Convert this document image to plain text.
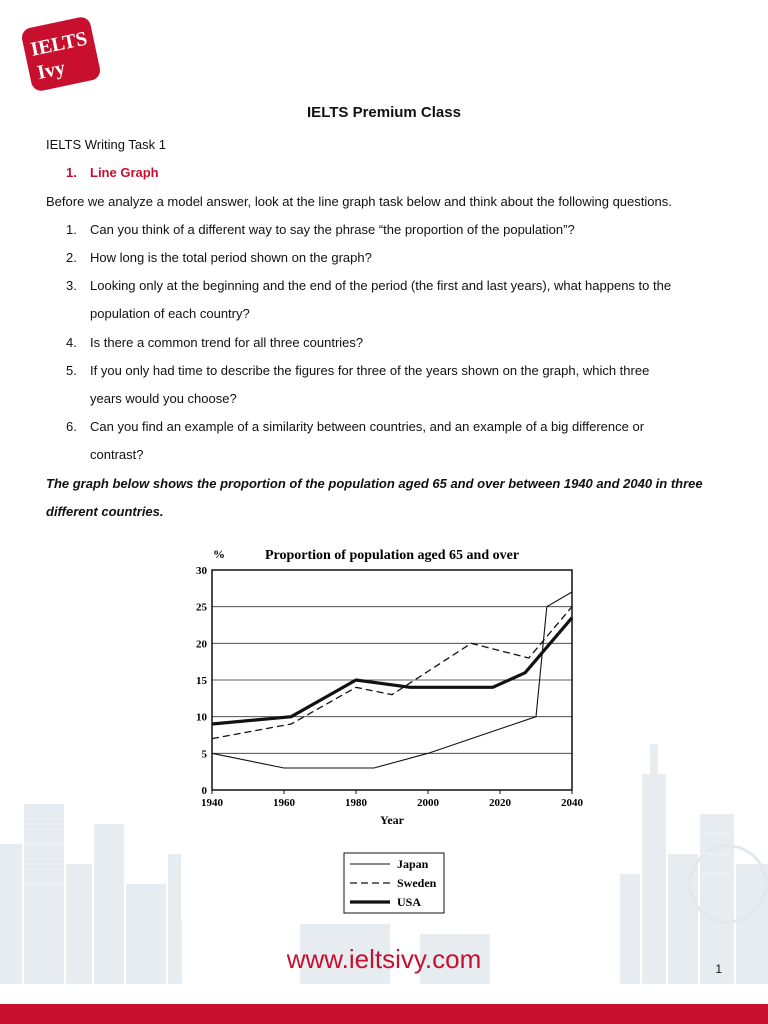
IELTS
Ivy
IELTS Premium Class
IELTS Writing Task 1
1. Line Graph
Before we analyze a model answer, look at the line graph task below and think about the following questions.
1. Can you think of a different way to say the phrase “the proportion of the population”?
2. How long is the total period shown on the graph?
3. Looking only at the beginning and the end of the period (the first and last years), what happens to the
population of each country?
4. Is there a common trend for all three countries?
5. If you only had time to describe the figures for three of the years shown on the graph, which three
years would you choose?
6. Can you find an example of a similarity between countries, and an example of a big difference or
contrast?
The graph below shows the proportion of the population aged 65 and over between 1940 and 2040 in three
different countries.
0
5
10
15
20
25
30
1940	1960	1980	2000	2020	2040
%	Proportion of population aged 65 and over
Year
Japan
Sweden
USA
www.ieltsivy.com	1
